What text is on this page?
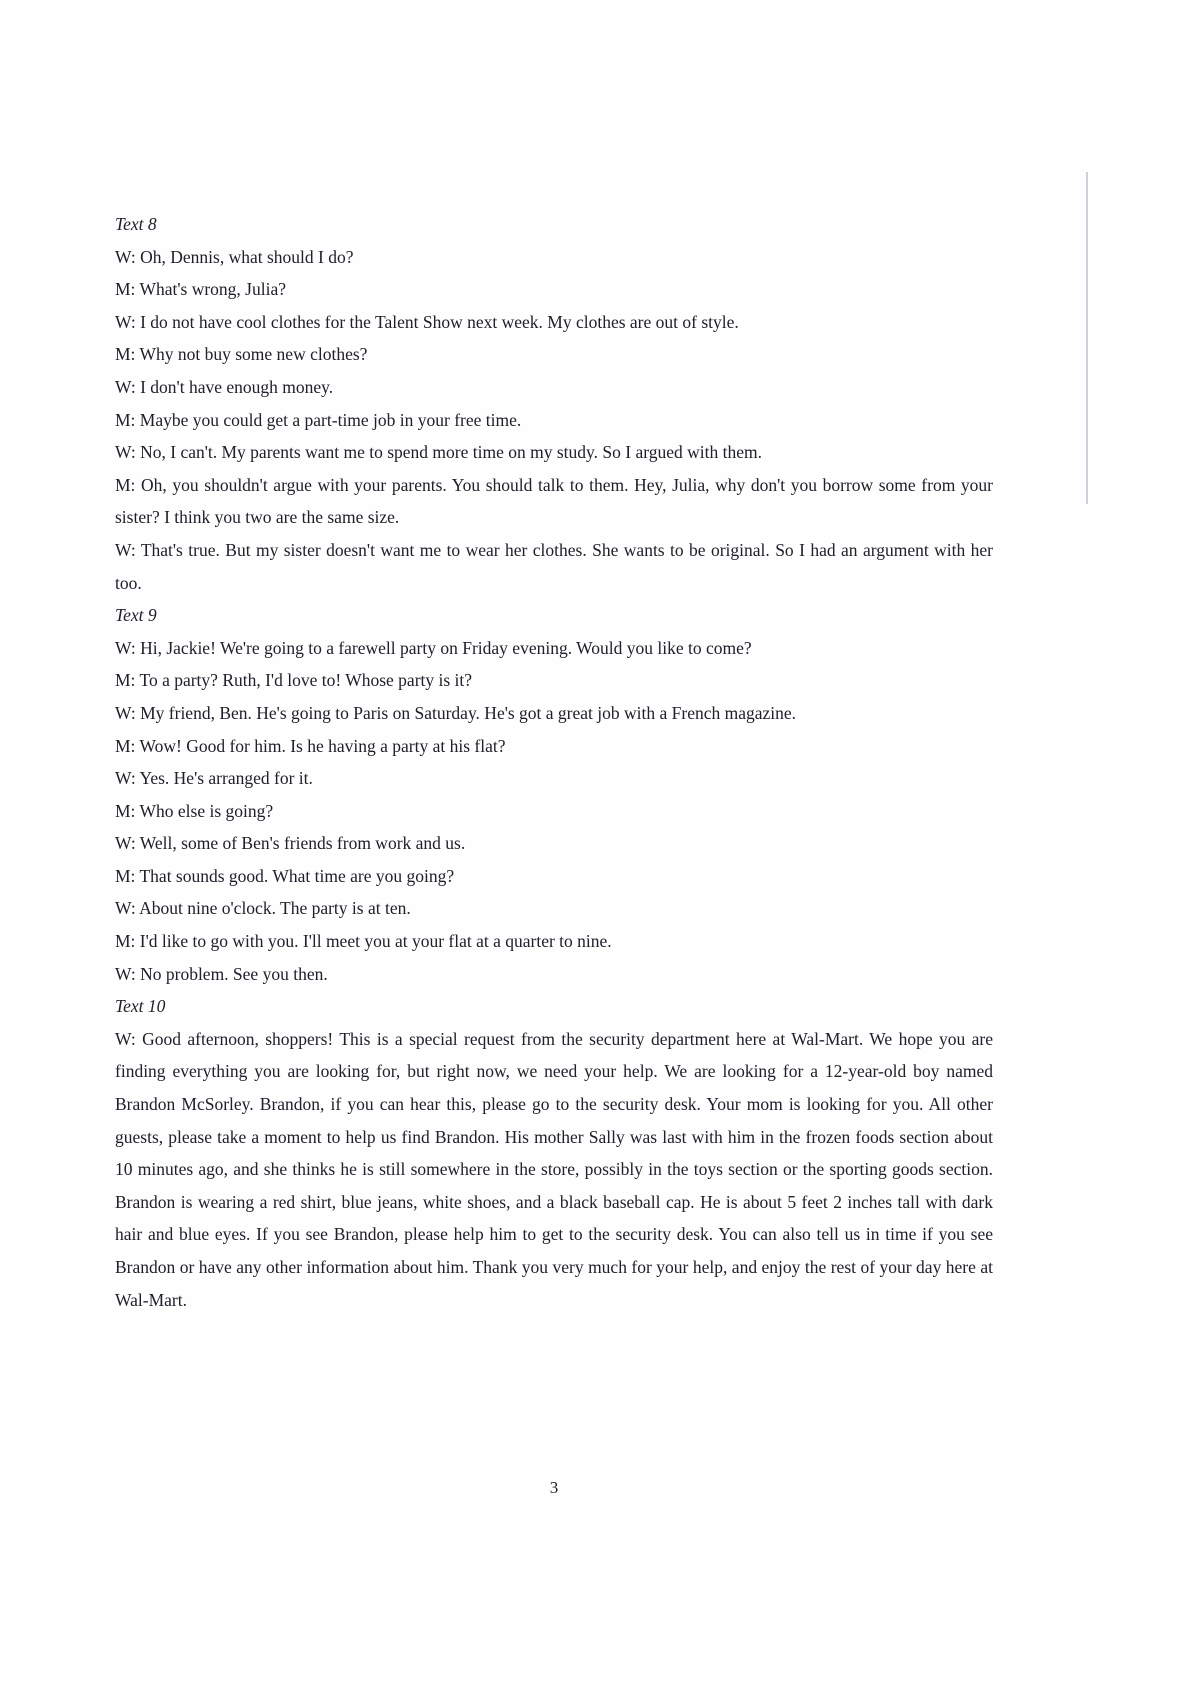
Text 8
W: Oh, Dennis, what should I do?
M: What's wrong, Julia?
W: I do not have cool clothes for the Talent Show next week. My clothes are out of style.
M: Why not buy some new clothes?
W: I don't have enough money.
M: Maybe you could get a part-time job in your free time.
W: No, I can't. My parents want me to spend more time on my study. So I argued with them.
M: Oh, you shouldn't argue with your parents. You should talk to them. Hey, Julia, why don't you borrow some from your sister? I think you two are the same size.
W: That's true. But my sister doesn't want me to wear her clothes. She wants to be original. So I had an argument with her too.
Text 9
W: Hi, Jackie! We're going to a farewell party on Friday evening. Would you like to come?
M: To a party? Ruth, I'd love to! Whose party is it?
W: My friend, Ben. He's going to Paris on Saturday. He's got a great job with a French magazine.
M: Wow! Good for him. Is he having a party at his flat?
W: Yes. He's arranged for it.
M: Who else is going?
W: Well, some of Ben's friends from work and us.
M: That sounds good. What time are you going?
W: About nine o'clock. The party is at ten.
M: I'd like to go with you. I'll meet you at your flat at a quarter to nine.
W: No problem. See you then.
Text 10
W: Good afternoon, shoppers! This is a special request from the security department here at Wal-Mart. We hope you are finding everything you are looking for, but right now, we need your help. We are looking for a 12-year-old boy named Brandon McSorley. Brandon, if you can hear this, please go to the security desk. Your mom is looking for you. All other guests, please take a moment to help us find Brandon. His mother Sally was last with him in the frozen foods section about 10 minutes ago, and she thinks he is still somewhere in the store, possibly in the toys section or the sporting goods section. Brandon is wearing a red shirt, blue jeans, white shoes, and a black baseball cap. He is about 5 feet 2 inches tall with dark hair and blue eyes. If you see Brandon, please help him to get to the security desk. You can also tell us in time if you see Brandon or have any other information about him. Thank you very much for your help, and enjoy the rest of your day here at Wal-Mart.
3
